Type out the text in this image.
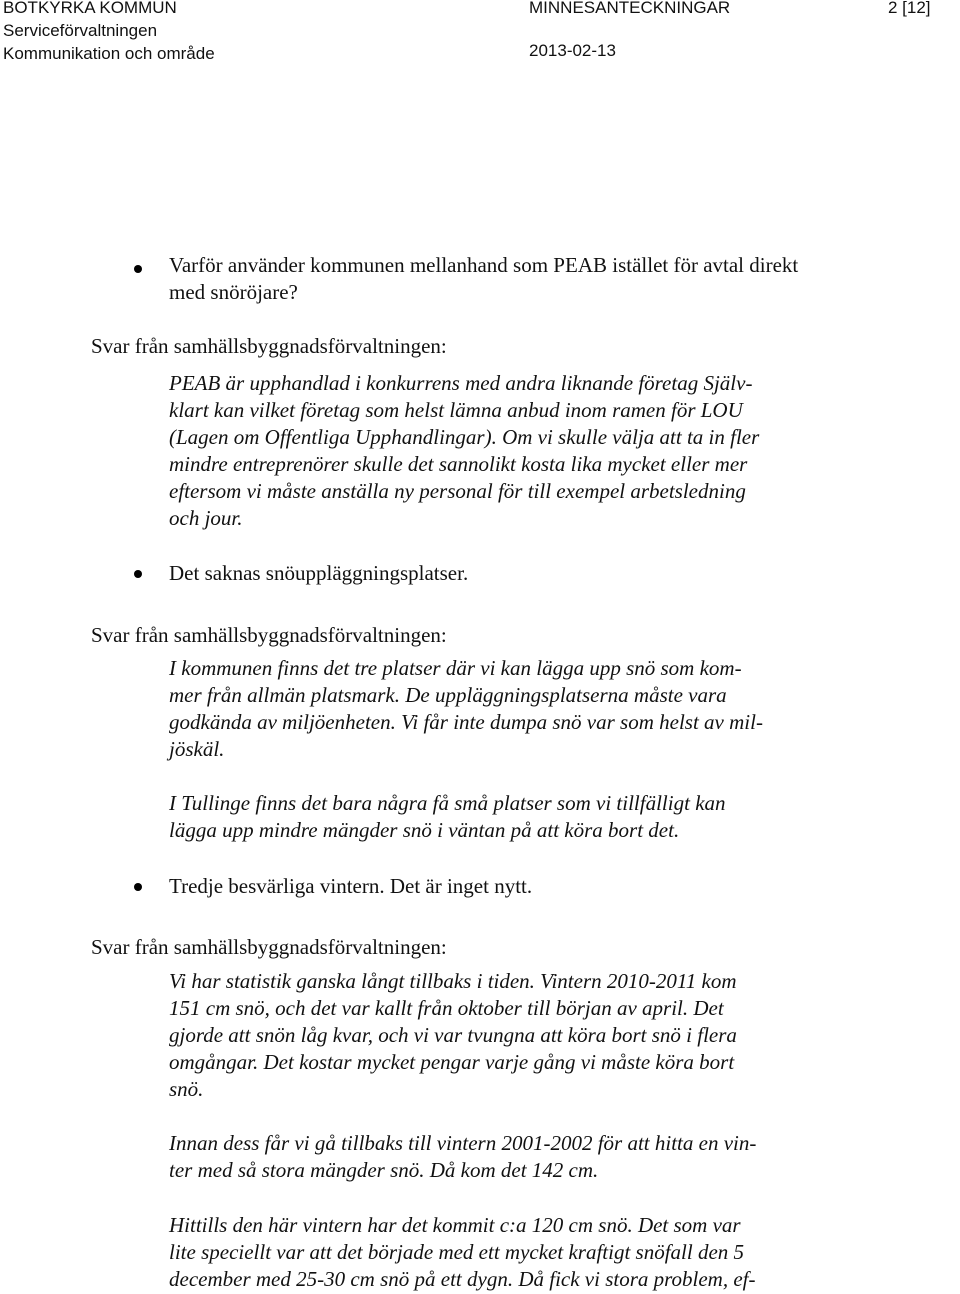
BOTKYRKA KOMMUN
Serviceförvaltningen
Kommunikation och område
MINNESANTECKNINGAR
2013-02-13
2 [12]
Varför använder kommunen mellanhand som PEAB istället för avtal direkt med snöröjare?
Svar från samhällsbyggnadsförvaltningen:
PEAB är upphandlad i konkurrens med andra liknande företag Själv-
klart kan vilket företag som helst lämna anbud inom ramen för LOU
(Lagen om Offentliga Upphandlingar). Om vi skulle välja att ta in fler
mindre entreprenörer skulle det sannolikt kosta lika mycket eller mer
eftersom vi måste anställa ny personal för till exempel arbetsledning
och jour.
Det saknas snöuppläggningsplatser.
Svar från samhällsbyggnadsförvaltningen:
I kommunen finns det tre platser där vi kan lägga upp snö som kom-
mer från allmän platsmark. De uppläggningsplatserna måste vara
godkända av miljöenheten. Vi får inte dumpa snö var som helst av mil-
jöskäl.
I Tullinge finns det bara några få små platser som vi tillfälligt kan
lägga upp mindre mängder snö i väntan på att köra bort det.
Tredje besvärliga vintern. Det är inget nytt.
Svar från samhällsbyggnadsförvaltningen:
Vi har statistik ganska långt tillbaks i tiden. Vintern 2010-2011 kom
151 cm snö, och det var kallt från oktober till början av april. Det
gjorde att snön låg kvar, och vi var tvungna att köra bort snö i flera
omgångar. Det kostar mycket pengar varje gång vi måste köra bort
snö.
Innan dess får vi gå tillbaks till vintern 2001-2002 för att hitta en vin-
ter med så stora mängder snö. Då kom det 142 cm.
Hittills den här vintern har det kommit c:a 120 cm snö. Det som var
lite speciellt var att det började med ett mycket kraftigt snöfall den 5
december med 25-30 cm snö på ett dygn. Då fick vi stora problem, ef-
